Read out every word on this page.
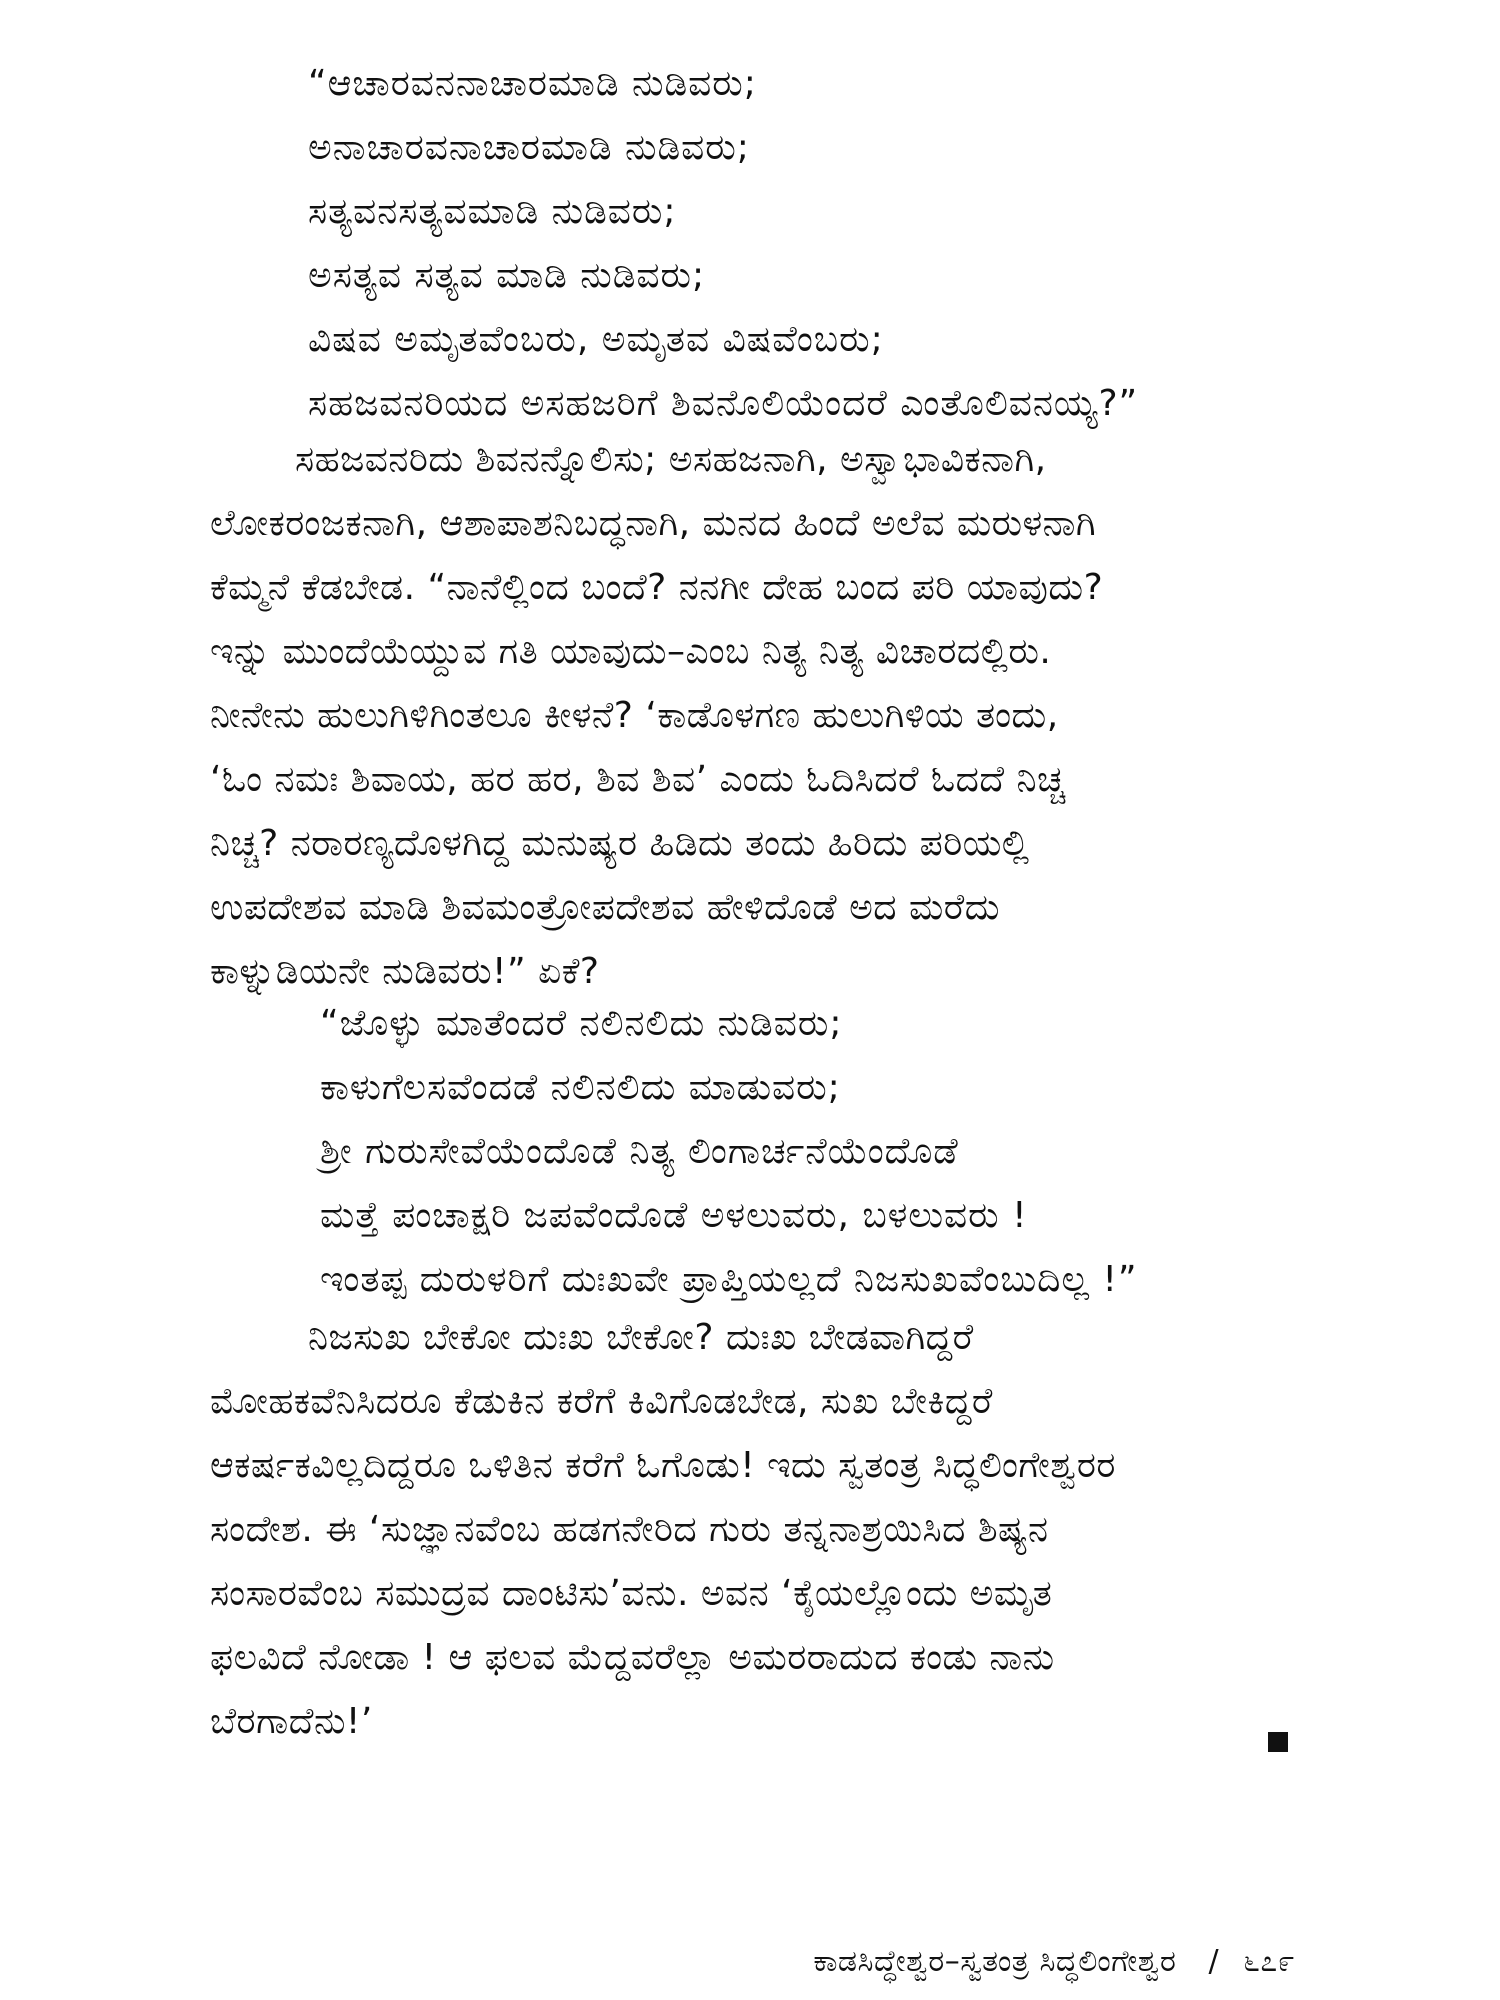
“ಆಚಾರವನನಾಚಾರಮಾಡಿ ನುಡಿವರು;
ಅನಾಚಾರವನಾಚಾರಮಾಡಿ ನುಡಿವರು;
ಸತ್ಯವನಸತ್ಯವಮಾಡಿ ನುಡಿವರು;
ಅಸತ್ಯವ ಸತ್ಯವ ಮಾಡಿ ನುಡಿವರು;
ವಿಷವ ಅಮೃತವೆಂಬರು, ಅಮೃತವ ವಿಷವೆಂಬರು;
ಸಹಜವನರಿಯದ ಅಸಹಜರಿಗೆ ಶಿವನೊಲಿಯೆಂದರೆ ಎಂತೊಲಿವನಯ್ಯ?”
ಸಹಜವನರಿದು ಶಿವನನ್ನೊಲಿಸು; ಅಸಹಜನಾಗಿ, ಅಸ್ವಾಭಾವಿಕನಾಗಿ,
ಲೋಕರಂಜಕನಾಗಿ, ಆಶಾಪಾಶನಿಬದ್ಧನಾಗಿ, ಮನದ ಹಿಂದೆ ಅಲೆವ ಮರುಳನಾಗಿ
ಕೆಮ್ಮನೆ ಕೆಡಬೇಡ. “ನಾನೆಲ್ಲಿಂದ ಬಂದೆ? ನನಗೀ ದೇಹ ಬಂದ ಪರಿ ಯಾವುದು?
ಇನ್ನು ಮುಂದೆಯೆಯ್ದುವ ಗತಿ ಯಾವುದು–ಎಂಬ ನಿತ್ಯ ನಿತ್ಯ ವಿಚಾರದಲ್ಲಿರು.
ನೀನೇನು ಹುಲುಗಿಳಿಗಿಂತಲೂ ಕೀಳನೆ? ‘ಕಾಡೊಳಗಣ ಹುಲುಗಿಳಿಯ ತಂದು,
‘ಓಂ ನಮಃ ಶಿವಾಯ, ಹರ ಹರ, ಶಿವ ಶಿವ’ ಎಂದು ಓದಿಸಿದರೆ ಓದದೆ ನಿಚ್ಚ
ನಿಚ್ಚ? ನರಾರಣ್ಯದೊಳಗಿದ್ದ ಮನುಷ್ಯರ ಹಿಡಿದು ತಂದು ಹಿರಿದು ಪರಿಯಲ್ಲಿ
ಉಪದೇಶವ ಮಾಡಿ ಶಿವಮಂತ್ರೋಪದೇಶವ ಹೇಳಿದೊಡೆ ಅದ ಮರೆದು
ಕಾಳ್ನುಡಿಯನೇ ನುಡಿವರು!” ಏಕೆ?
“ಜೊಳ್ಳು ಮಾತೆಂದರೆ ನಲಿನಲಿದು ನುಡಿವರು;
ಕಾಳುಗೆಲಸವೆಂದಡೆ ನಲಿನಲಿದು ಮಾಡುವರು;
ಶ್ರೀ ಗುರುಸೇವೆಯೆಂದೊಡೆ ನಿತ್ಯ ಲಿಂಗಾರ್ಚನೆಯೆಂದೊಡೆ
ಮತ್ತೆ ಪಂಚಾಕ್ಷರಿ ಜಪವೆಂದೊಡೆ ಅಳಲುವರು, ಬಳಲುವರು !
ಇಂತಪ್ಪ ದುರುಳರಿಗೆ ದುಃಖವೇ ಪ್ರಾಪ್ತಿಯಲ್ಲದೆ ನಿಜಸುಖವೆಂಬುದಿಲ್ಲ !”
ನಿಜಸುಖ ಬೇಕೋ ದುಃಖ ಬೇಕೋ? ದುಃಖ ಬೇಡವಾಗಿದ್ದರೆ
ಮೋಹಕವೆನಿಸಿದರೂ ಕೆಡುಕಿನ ಕರೆಗೆ ಕಿವಿಗೊಡಬೇಡ, ಸುಖ ಬೇಕಿದ್ದರೆ
ಆಕರ್ಷಕವಿಲ್ಲದಿದ್ದರೂ ಒಳಿತಿನ ಕರೆಗೆ ಓಗೊಡು! ಇದು ಸ್ವತಂತ್ರ ಸಿದ್ಧಲಿಂಗೇಶ್ವರರ
ಸಂದೇಶ. ಈ ‘ಸುಜ್ಞಾನವೆಂಬ ಹಡಗನೇರಿದ ಗುರು ತನ್ನನಾಶ್ರಯಿಸಿದ ಶಿಷ್ಯನ
ಸಂಸಾರವೆಂಬ ಸಮುದ್ರವ ದಾಂಟಿಸು’ವನು. ಅವನ ‘ಕೈಯಲ್ಲೊಂದು ಅಮೃತ
ಫಲವಿದೆ ನೋಡಾ ! ಆ ಫಲವ ಮೆದ್ದವರೆಲ್ಲಾ ಅಮರರಾದುದ ಕಂಡು ನಾನು
ಬೆರಗಾದೆನು!’
ಕಾಡಸಿದ್ಧೇಶ್ವರ–ಸ್ವತಂತ್ರ ಸಿದ್ಧಲಿಂಗೇಶ್ವರ / ೬೭೯
